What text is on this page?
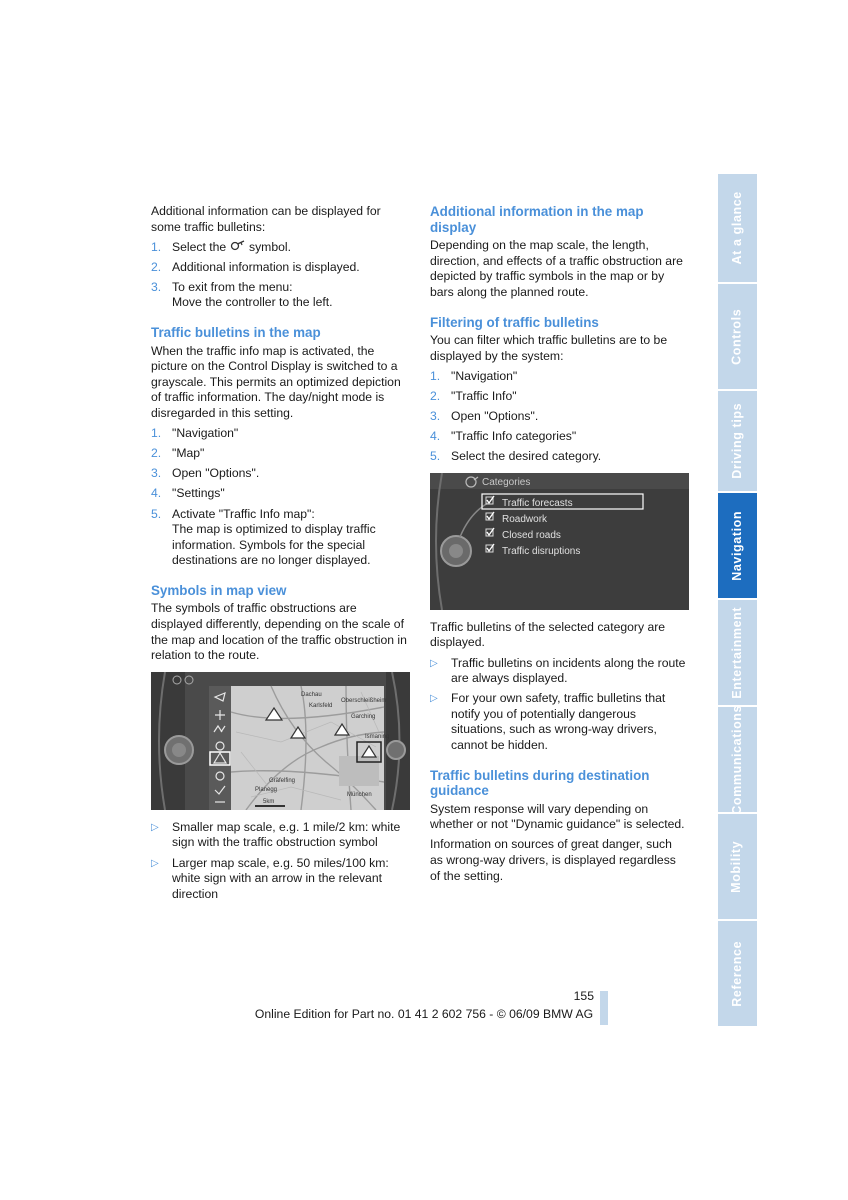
Additional information can be displayed for some traffic bulletins:

1. Select the symbol.
2. Additional information is displayed.
3. To exit from the menu:
Move the controller to the left.
Traffic bulletins in the map

When the traffic info map is activated, the picture on the Control Display is switched to a grayscale. This permits an optimized depiction of traffic information. The day/night mode is disregarded in this setting.

1. "Navigation"
2. "Map"
3. Open "Options".
4. "Settings"
5. Activate "Traffic Info map":
The map is optimized to display traffic information. Symbols for the special destinations are no longer displayed.
Symbols in map view

The symbols of traffic obstructions are displayed differently, depending on the scale of the map and location of the traffic obstruction in relation to the route.

Dachau
Karlsfeld
Oberschleißheim
Garching
Ismaning
Gräfelfing
Planegg
München
5km
▷ Smaller map scale, e.g. 1 mile/2 km: white sign with the traffic obstruction symbol
▷ Larger map scale, e.g. 50 miles/100 km: white sign with an arrow in the relevant direction
Additional information in the map display

Depending on the map scale, the length, direction, and effects of a traffic obstruction are depicted by traffic symbols in the map or by bars along the planned route.

Filtering of traffic bulletins

You can filter which traffic bulletins are to be displayed by the system:

1. "Navigation"
2. "Traffic Info"
3. Open "Options".
4. "Traffic Info categories"
5. Select the desired category.
Categories
Traffic forecasts
Roadwork
Closed roads
Traffic disruptions

Traffic bulletins of the selected category are displayed.

▷ Traffic bulletins on incidents along the route are always displayed.
▷ For your own safety, traffic bulletins that notify you of potentially dangerous situations, such as wrong-way drivers, cannot be hidden.
Traffic bulletins during destination guidance

System response will vary depending on whether or not "Dynamic guidance" is selected.

Information on sources of great danger, such as wrong-way drivers, is displayed regardless of the setting.

At a glance
Controls
Driving tips
Navigation
Entertainment
Communications
Mobility
Reference
155
Online Edition for Part no. 01 41 2 602 756 - © 06/09 BMW AG
